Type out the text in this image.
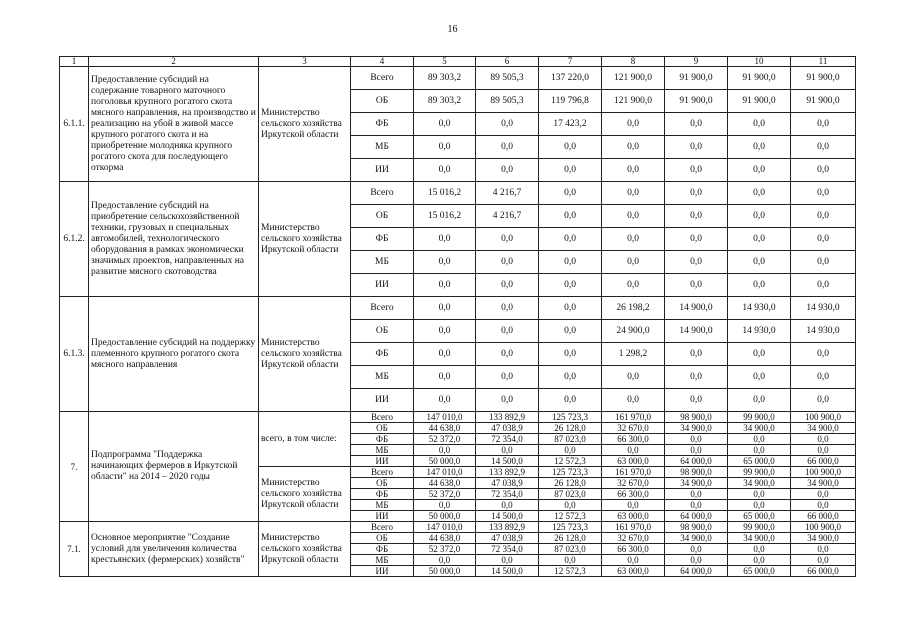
16
1	2	3	4	5	6	7	8	9	10	11
6.1.1.	Предоставление субсидий на содержание товарного маточного поголовья крупного рогатого скота мясного направления, на производство и реализацию на убой в живой массе крупного рогатого скота и на приобретение молодняка крупного рогатого скота для последующего откорма	Министерство сельского хозяйства Иркутской области	Всего	89 303,2	89 505,3	137 220,0	121 900,0	91 900,0	91 900,0	91 900,0
			ОБ	89 303,2	89 505,3	119 796,8	121 900,0	91 900,0	91 900,0	91 900,0
			ФБ	0,0	0,0	17 423,2	0,0	0,0	0,0	0,0
			МБ	0,0	0,0	0,0	0,0	0,0	0,0	0,0
			ИИ	0,0	0,0	0,0	0,0	0,0	0,0	0,0
6.1.2.	Предоставление субсидий на приобретение сельскохозяйственной техники, грузовых и специальных автомобилей, технологического оборудования в рамках экономически значимых проектов, направленных на развитие мясного скотоводства	Министерство сельского хозяйства Иркутской области	Всего	15 016,2	4 216,7	0,0	0,0	0,0	0,0	0,0
			ОБ	15 016,2	4 216,7	0,0	0,0	0,0	0,0	0,0
			ФБ	0,0	0,0	0,0	0,0	0,0	0,0	0,0
			МБ	0,0	0,0	0,0	0,0	0,0	0,0	0,0
			ИИ	0,0	0,0	0,0	0,0	0,0	0,0	0,0
6.1.3.	Предоставление субсидий на поддержку племенного крупного рогатого скота мясного направления	Министерство сельского хозяйства Иркутской области	Всего	0,0	0,0	0,0	26 198,2	14 900,0	14 930,0	14 930,0
			ОБ	0,0	0,0	0,0	24 900,0	14 900,0	14 930,0	14 930,0
			ФБ	0,0	0,0	0,0	1 298,2	0,0	0,0	0,0
			МБ	0,0	0,0	0,0	0,0	0,0	0,0	0,0
			ИИ	0,0	0,0	0,0	0,0	0,0	0,0	0,0
7.	Подпрограмма "Поддержка начинающих фермеров в Иркутской области" на 2014 – 2020 годы	всего, в том числе:	Всего	147 010,0	133 892,9	125 723,3	161 970,0	98 900,0	99 900,0	100 900,0
			ОБ	44 638,0	47 038,9	26 128,0	32 670,0	34 900,0	34 900,0	34 900,0
			ФБ	52 372,0	72 354,0	87 023,0	66 300,0	0,0	0,0	0,0
			МБ	0,0	0,0	0,0	0,0	0,0	0,0	0,0
			ИИ	50 000,0	14 500,0	12 572,3	63 000,0	64 000,0	65 000,0	66 000,0
		Министерство сельского хозяйства Иркутской области	Всего	147 010,0	133 892,9	125 723,3	161 970,0	98 900,0	99 900,0	100 900,0
			ОБ	44 638,0	47 038,9	26 128,0	32 670,0	34 900,0	34 900,0	34 900,0
			ФБ	52 372,0	72 354,0	87 023,0	66 300,0	0,0	0,0	0,0
			МБ	0,0	0,0	0,0	0,0	0,0	0,0	0,0
			ИИ	50 000,0	14 500,0	12 572,3	63 000,0	64 000,0	65 000,0	66 000,0
7.1.	Основное мероприятие "Создание условий для увеличения количества крестьянских (фермерских) хозяйств"	Министерство сельского хозяйства Иркутской области	Всего	147 010,0	133 892,9	125 723,3	161 970,0	98 900,0	99 900,0	100 900,0
			ОБ	44 638,0	47 038,9	26 128,0	32 670,0	34 900,0	34 900,0	34 900,0
			ФБ	52 372,0	72 354,0	87 023,0	66 300,0	0,0	0,0	0,0
			МБ	0,0	0,0	0,0	0,0	0,0	0,0	0,0
			ИИ	50 000,0	14 500,0	12 572,3	63 000,0	64 000,0	65 000,0	66 000,0
